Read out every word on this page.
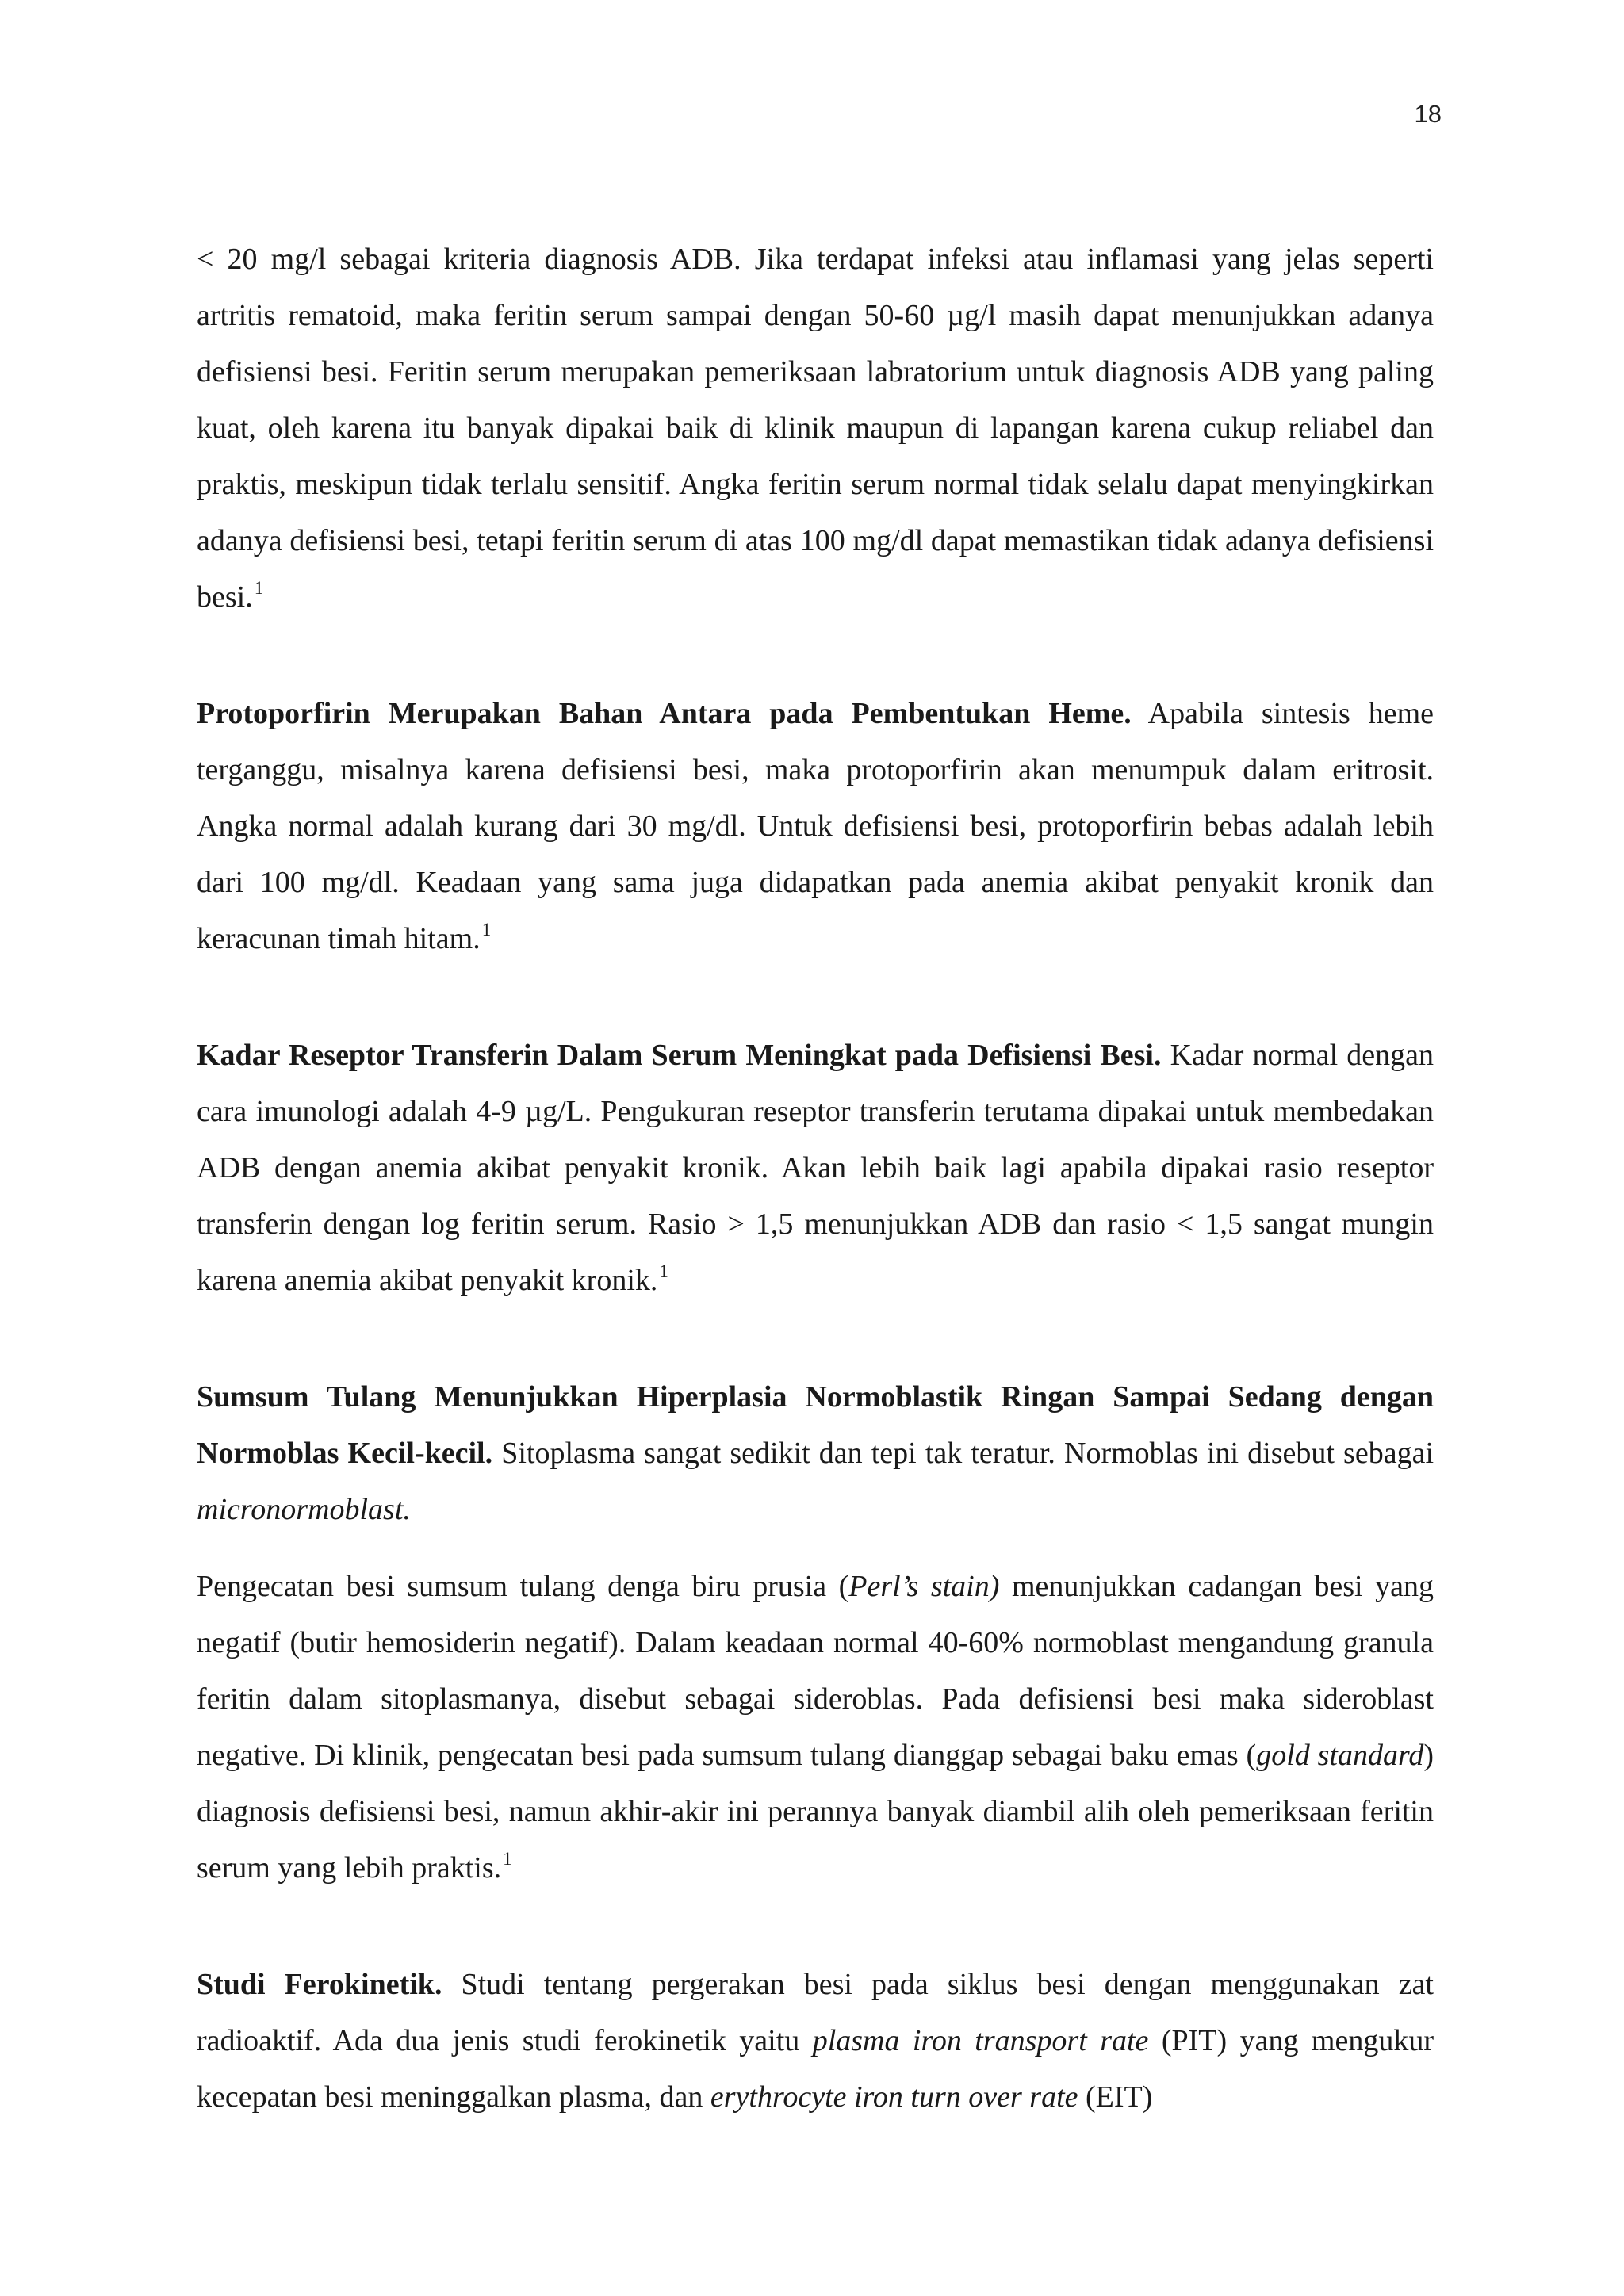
18

< 20 mg/l sebagai kriteria diagnosis ADB. Jika terdapat infeksi atau inflamasi yang jelas seperti artritis rematoid, maka feritin serum sampai dengan 50-60 µg/l masih dapat menunjukkan adanya defisiensi besi. Feritin serum merupakan pemeriksaan labratorium untuk diagnosis ADB yang paling kuat, oleh karena itu banyak dipakai baik di klinik maupun di lapangan karena cukup reliabel dan praktis, meskipun tidak terlalu sensitif. Angka feritin serum normal tidak selalu dapat menyingkirkan adanya defisiensi besi, tetapi feritin serum di atas 100 mg/dl dapat memastikan tidak adanya defisiensi besi.$^1$

Protoporfirin Merupakan Bahan Antara pada Pembentukan Heme. Apabila sintesis heme terganggu, misalnya karena defisiensi besi, maka protoporfirin akan menumpuk dalam eritrosit. Angka normal adalah kurang dari 30 mg/dl. Untuk defisiensi besi, protoporfirin bebas adalah lebih dari 100 mg/dl. Keadaan yang sama juga didapatkan pada anemia akibat penyakit kronik dan keracunan timah hitam.$^1$

Kadar Reseptor Transferin Dalam Serum Meningkat pada Defisiensi Besi. Kadar normal dengan cara imunologi adalah 4-9 µg/L. Pengukuran reseptor transferin terutama dipakai untuk membedakan ADB dengan anemia akibat penyakit kronik. Akan lebih baik lagi apabila dipakai rasio reseptor transferin dengan log feritin serum. Rasio > 1,5 menunjukkan ADB dan rasio < 1,5 sangat mungin karena anemia akibat penyakit kronik.$^1$

Sumsum Tulang Menunjukkan Hiperplasia Normoblastik Ringan Sampai Sedang dengan Normoblas Kecil-kecil. Sitoplasma sangat sedikit dan tepi tak teratur. Normoblas ini disebut sebagai micronormoblast.

Pengecatan besi sumsum tulang denga biru prusia (Perl’s stain) menunjukkan cadangan besi yang negatif (butir hemosiderin negatif). Dalam keadaan normal 40-60% normoblast mengandung granula feritin dalam sitoplasmanya, disebut sebagai sideroblas. Pada defisiensi besi maka sideroblast negative. Di klinik, pengecatan besi pada sumsum tulang dianggap sebagai baku emas (gold standard) diagnosis defisiensi besi, namun akhir-akir ini perannya banyak diambil alih oleh pemeriksaan feritin serum yang lebih praktis.$^1$

Studi Ferokinetik. Studi tentang pergerakan besi pada siklus besi dengan menggunakan zat radioaktif. Ada dua jenis studi ferokinetik yaitu plasma iron transport rate (PIT) yang mengukur kecepatan besi meninggalkan plasma, dan erythrocyte iron turn over rate (EIT)
